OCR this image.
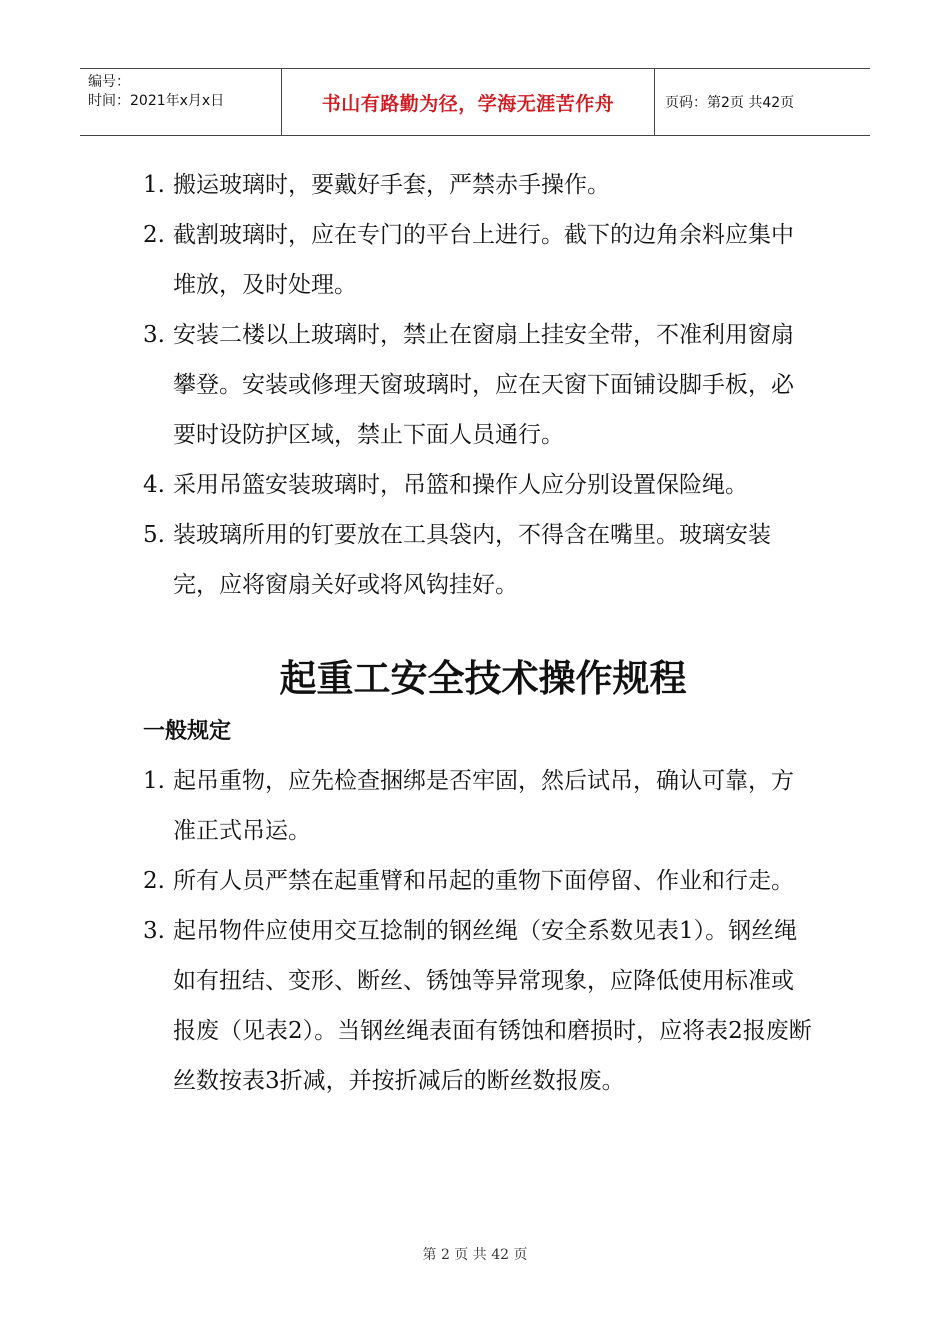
编号：
时间：2021年x月x日	书山有路勤为径，学海无涯苦作舟	页码：第2页 共42页
1. 搬运玻璃时，要戴好手套，严禁赤手操作。
2. 截割玻璃时，应在专门的平台上进行。截下的边角余料应集中堆放，及时处理。
3. 安装二楼以上玻璃时，禁止在窗扇上挂安全带，不准利用窗扇攀登。安装或修理天窗玻璃时，应在天窗下面铺设脚手板，必要时设防护区域，禁止下面人员通行。
4. 采用吊篮安装玻璃时，吊篮和操作人应分别设置保险绳。
5. 装玻璃所用的钉要放在工具袋内，不得含在嘴里。玻璃安装完，应将窗扇关好或将风钩挂好。
起重工安全技术操作规程
一般规定
1. 起吊重物，应先检查捆绑是否牢固，然后试吊，确认可靠，方准正式吊运。
2. 所有人员严禁在起重臂和吊起的重物下面停留、作业和行走。
3. 起吊物件应使用交互捻制的钢丝绳（安全系数见表1）。钢丝绳如有扭结、变形、断丝、锈蚀等异常现象，应降低使用标准或报废（见表2）。当钢丝绳表面有锈蚀和磨损时，应将表2报废断丝数按表3折减，并按折减后的断丝数报废。
第 2 页 共 42 页
